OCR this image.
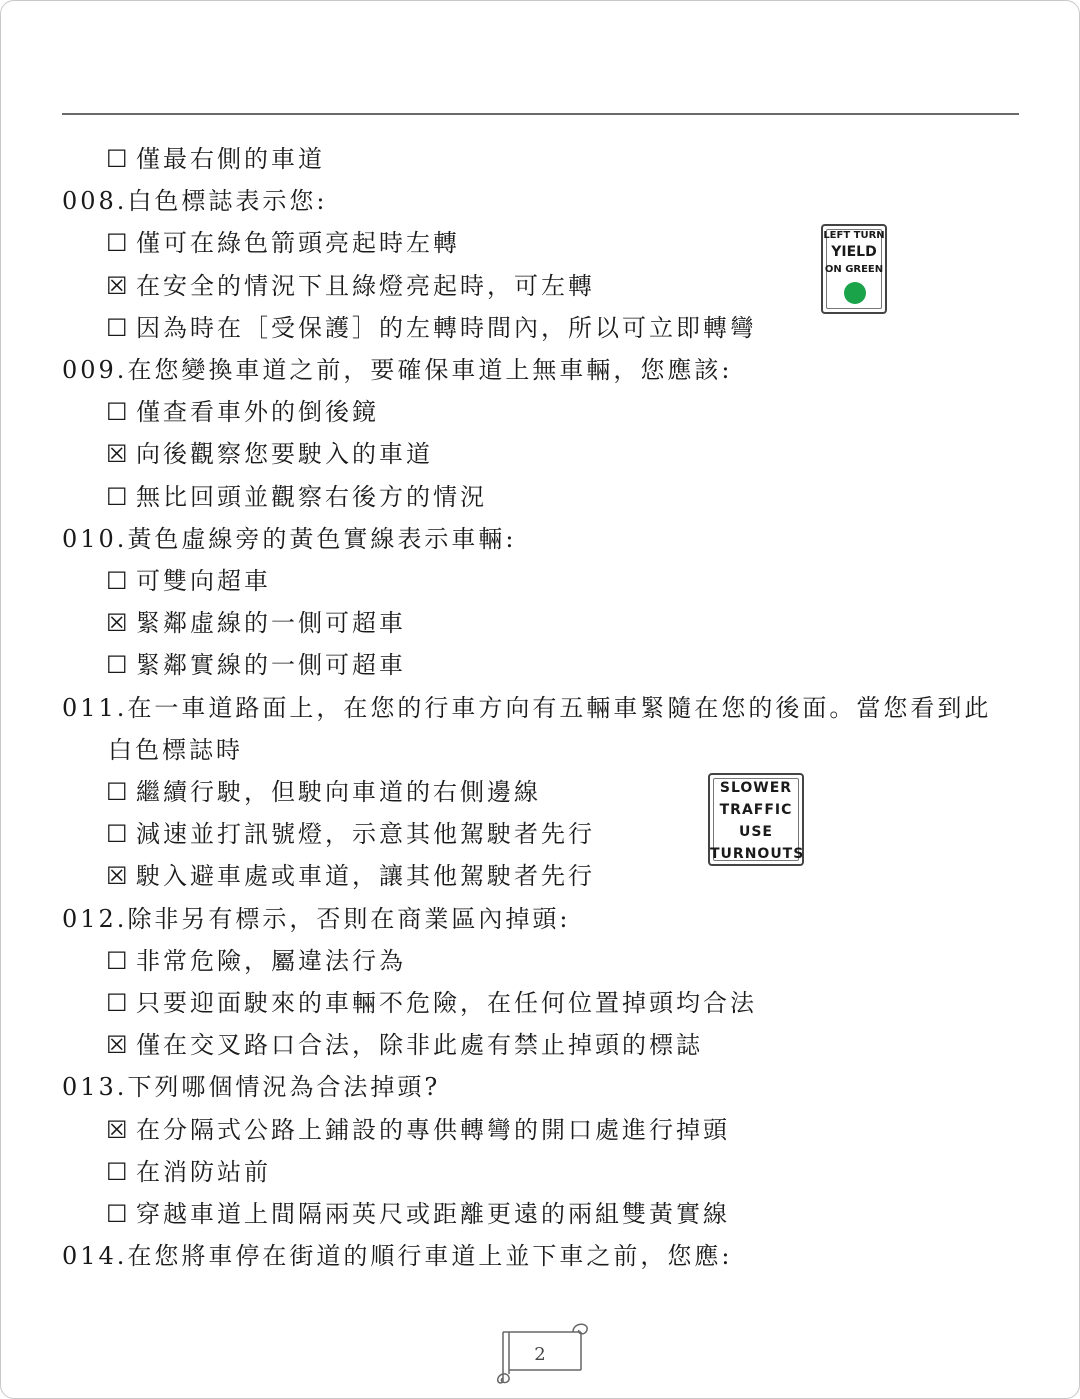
☐ 僅最右側的車道
008.白色標誌表示您:
☐ 僅可在綠色箭頭亮起時左轉
☒ 在安全的情況下且綠燈亮起時，可左轉
☐ 因為時在［受保護］的左轉時間內，所以可立即轉彎
009.在您變換車道之前，要確保車道上無車輛，您應該:
☐ 僅查看車外的倒後鏡
☒ 向後觀察您要駛入的車道
☐ 無比回頭並觀察右後方的情況
010.黃色虛線旁的黃色實線表示車輛:
☐ 可雙向超車
☒ 緊鄰虛線的一側可超車
☐ 緊鄰實線的一側可超車
011.在一車道路面上，在您的行車方向有五輛車緊隨在您的後面。當您看到此
白色標誌時
☐ 繼續行駛，但駛向車道的右側邊線
☐ 減速並打訊號燈，示意其他駕駛者先行
☒ 駛入避車處或車道，讓其他駕駛者先行
012.除非另有標示，否則在商業區內掉頭:
☐ 非常危險，屬違法行為
☐ 只要迎面駛來的車輛不危險，在任何位置掉頭均合法
☒ 僅在交叉路口合法，除非此處有禁止掉頭的標誌
013.下列哪個情況為合法掉頭?
☒ 在分隔式公路上鋪設的專供轉彎的開口處進行掉頭
☐ 在消防站前
☐ 穿越車道上間隔兩英尺或距離更遠的兩組雙黃實線
014.在您將車停在街道的順行車道上並下車之前，您應:
LEFT TURN
YIELD
ON GREEN
SLOWER
TRAFFIC
USE
TURNOUTS
2
